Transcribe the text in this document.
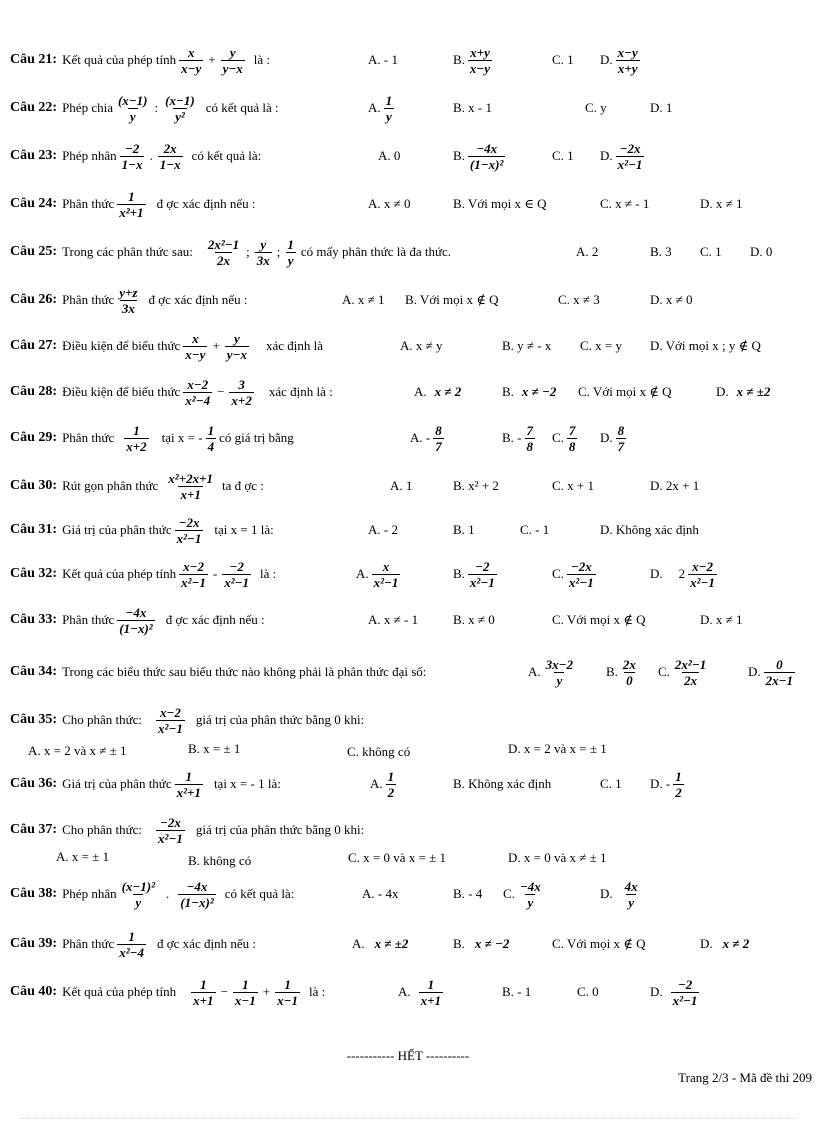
Câu 21: Kết quả của phép tính $\frac{x}{x-y} + \frac{y}{y-x}$ là :	A. - 1	B. $\frac{x+y}{x-y}$	C. 1 D. $\frac{x-y}{x+y}$
Câu 22: Phép chia $\frac{(x-1)}{y}$ : $\frac{(x-1)}{\text{y²}}$ có kết quả là :	A. $\frac{1}{y}$	B. x - 1	C. y	D. 1
Câu 23: Phép nhân $\frac{-2}{1-x}$ . $\frac{2x}{1-x}$ có kết quả là:	A. 0	B. $\frac{-4x}{\text{(1−x)²}}$	C. 1 D. $\frac{-2x}{\text{x²−1}}$
Câu 24: Phân thức $\frac{1}{\text{x²+1}}$ đ ợc xác định nếu :	A. x ≠ 0	B. Với mọi x ∈ Q	C. x ≠ - 1	D. x ≠ 1
Câu 25: Trong các phân thức sau: $\frac{\text{2x²−1}}{2x}$ ; $\frac{y}{3x}$ ; $\frac{1}{y}$ có mấy phân thức là đa thức.	A. 2	B. 3 C. 1 D. 0
Câu 26: Phân thức $\frac{y+z}{3x}$ đ ợc xác định nếu :	A. x ≠ 1 B. Với mọi x ∉ Q	C. x ≠ 3	D. x ≠ 0
Câu 27: Điều kiện để biểu thức $\frac{x}{x-y} + \frac{y}{y-x}$ xác định là	A. x ≠ y	B. y ≠ - x C. x = y D. Với mọi x ; y ∉ Q
Câu 28: Điều kiện để biểu thức $\frac{x-2}{\text{x²−4}} - \frac{3}{x+2}$ xác định là :	A. x ≠ 2	B. x ≠ −2 C. Với mọi x ∉ Q	D. x ≠ ±2
Câu 29: Phân thức $\frac{1}{x+2}$ tại x = - $\frac{1}{4}$ có giá trị bằng	A. - $\frac{8}{7}$	B. - $\frac{7}{8} C$. $\frac{7}{8} D$. $\frac{8}{7}$
Câu 30: Rút gọn phân thức $\frac{\text{x²+2x+1}}{x+1}$ ta đ ợc :	A. 1	B. x² + 2	C. x + 1	D. 2x + 1
Câu 31: Giá trị của phân thức $\frac{-2x}{\text{x²−1}}$ tại x = 1 là:	A. - 2	B. 1	C. - 1	D. Không xác định
Câu 32: Kết quả của phép tính $\frac{x-2}{\text{x²−1}} - \frac{-2}{\text{x²−1}}$ là :	A. $\frac{x}{\text{x²−1}}$	B. $\frac{-2}{\text{x²−1}}$	C. $\frac{-2x}{\text{x²−1}}$	D. $2 \frac{x-2}{\text{x²−1}}$
Câu 33: Phân thức $\frac{-4x}{\text{(1−x)²}}$ đ ợc xác định nếu :	A. x ≠ - 1	B. x ≠ 0	C. Với mọi x ∉ Q	D. x ≠ 1
Câu 34: Trong các biểu thức sau biểu thức nào không phải là phân thức đại số:	A. $\frac{3x-2}{y} B$. $\frac{2x}{0} C$. $\frac{\text{2x²−1}}{2x}$	D. $\frac{0}{2x-1}$
Câu 35: Cho phân thức: $\frac{x-2}{\text{x²−1}}$ giá trị của phân thức bằng 0 khi:
A. x = 2 và x ≠ ± 1	B. x = ± 1	C. không có	D. x = 2 và x = ± 1
Câu 36: Giá trị của phân thức $\frac{1}{\text{x²+1}}$ tại x = - 1 là:	A. $\frac{1}{2}$	B. Không xác định	C. 1 D. - $\frac{1}{2}$
Câu 37: Cho phân thức: $\frac{-2x}{\text{x²−1}}$ giá trị của phân thức bằng 0 khi:
A. x = ± 1	B. không có	C. x = 0 và x = ± 1	D. x = 0 và x ≠ ± 1
Câu 38: Phép nhân $\frac{\text{(x−1)²}}{y}$ . $\frac{-4x}{\text{(1−x)²}}$ có kết quả là:	A. - 4x	B. - 4 C. $\frac{-4x}{y}$	D. $\frac{4x}{y}$
Câu 39: Phân thức $\frac{1}{\text{x²−4}}$ đ ợc xác định nếu :	A. x ≠ ±2	B. x ≠ −2	C. Với mọi x ∉ Q	D. x ≠ 2
Câu 40: Kết quả của phép tính $\frac{1}{x+1} - \frac{1}{x-1} + \frac{1}{x-1}$ là :	A. $\frac{1}{x+1}$	B. - 1	C. 0	D. $\frac{-2}{\text{x²−1}}$
----------- HẾT ----------
Trang 2/3 - Mã đề thi 209
